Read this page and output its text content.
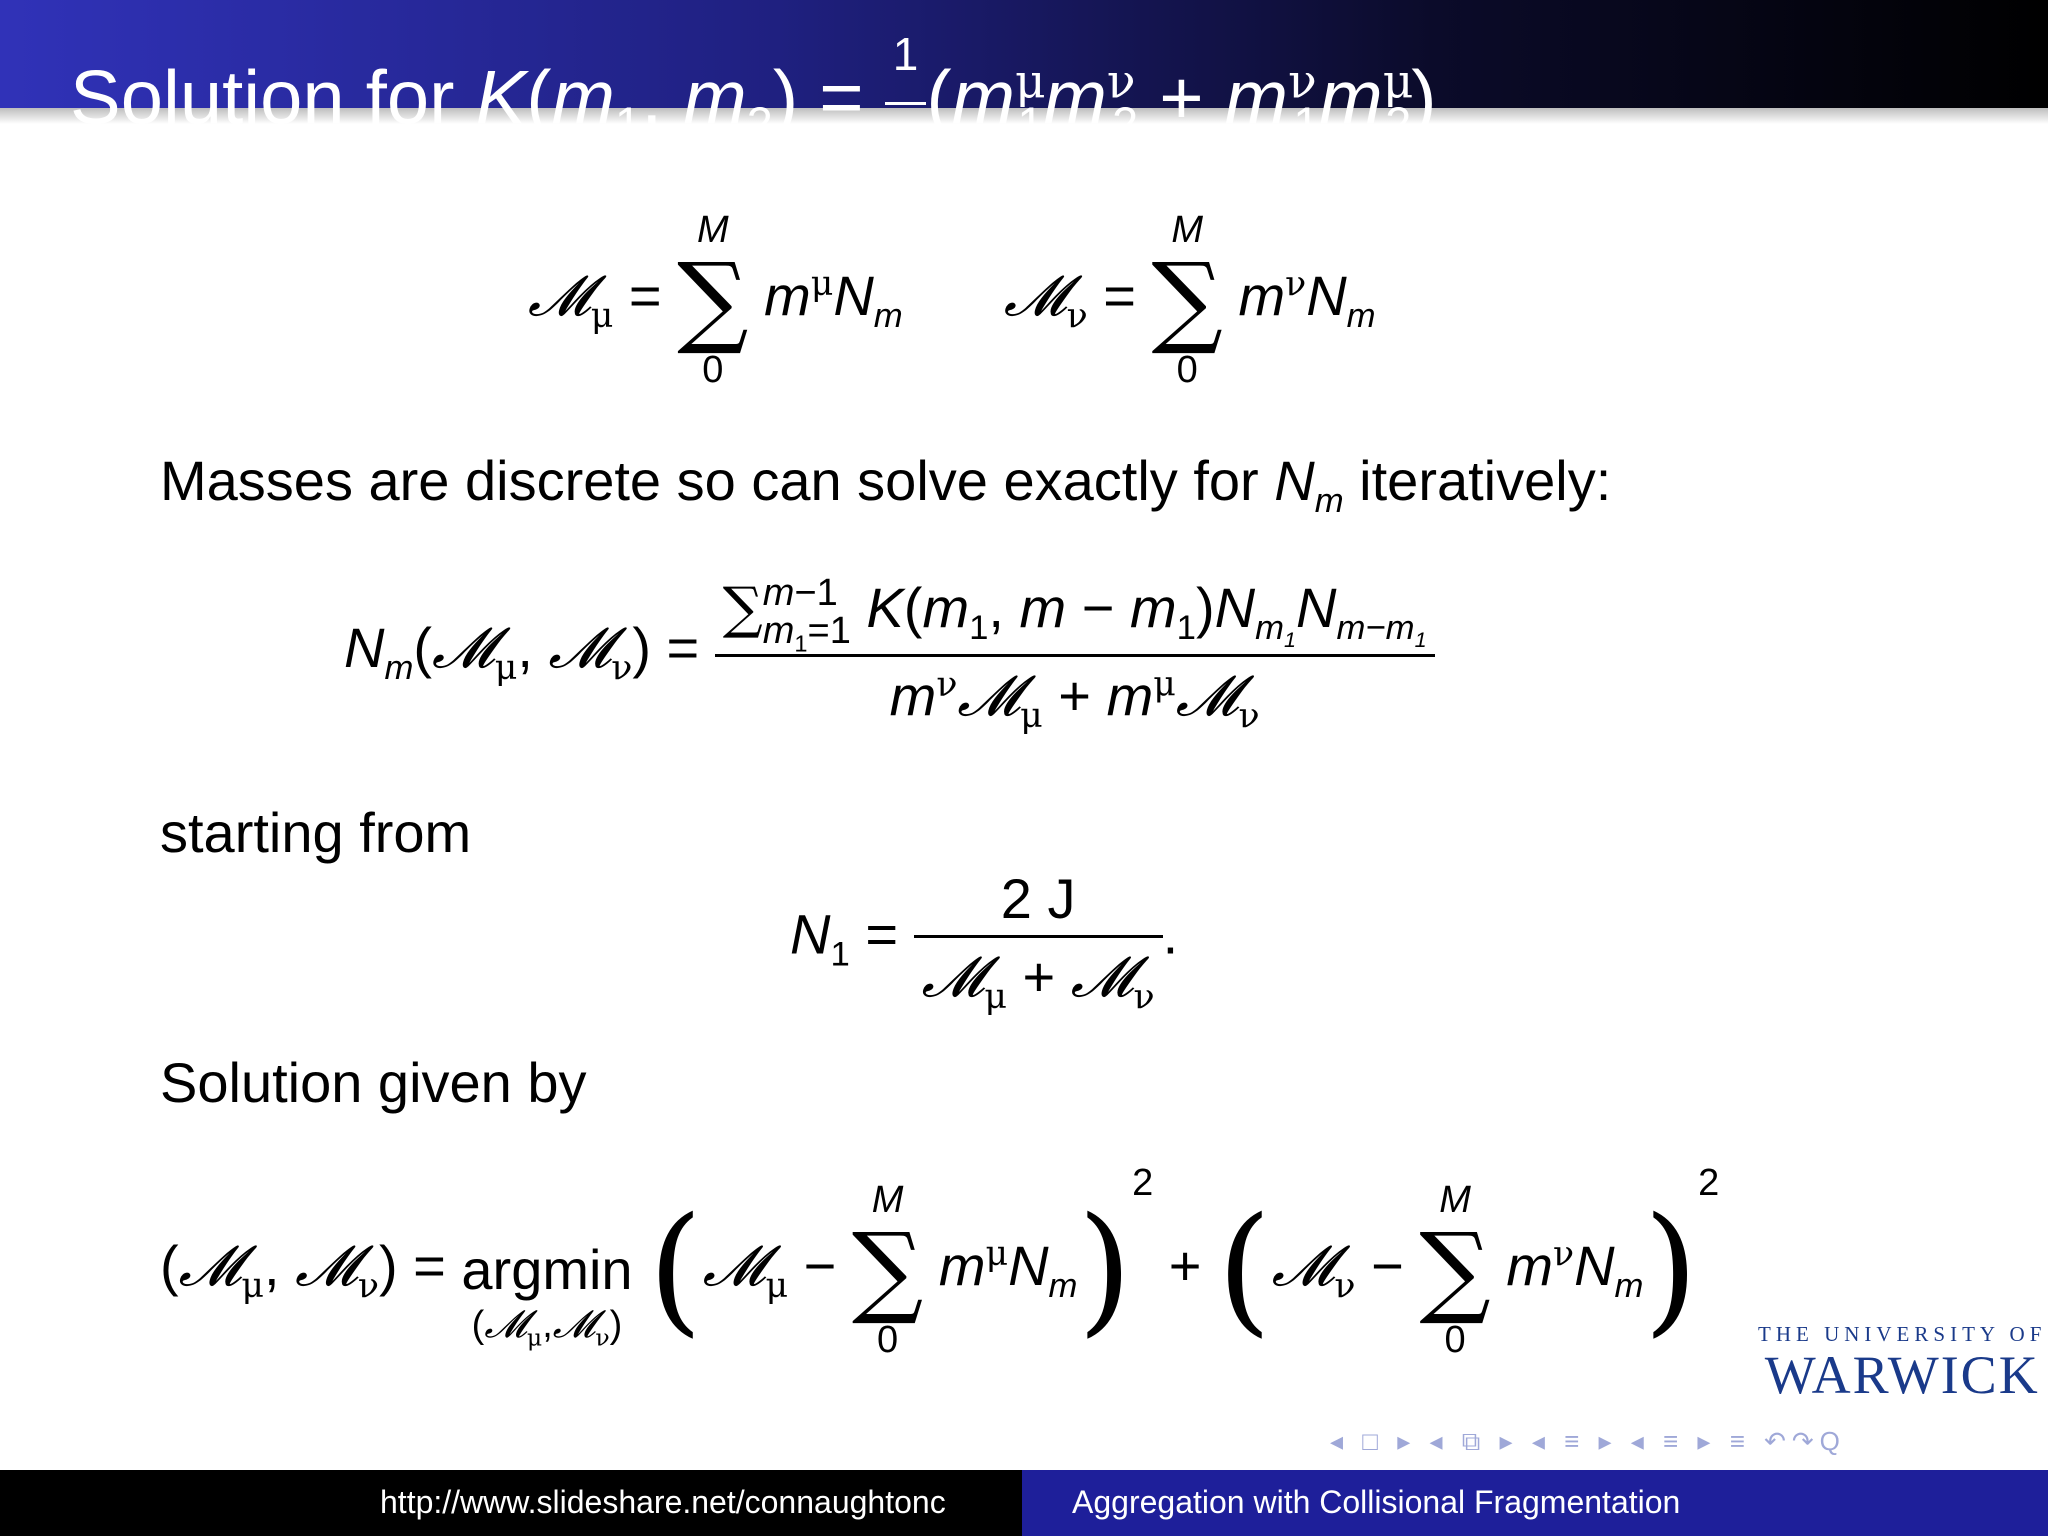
Solution for $K(m_1$, $m_2) = \frac{1}{2} (m^\mu_1m^\nu_2 + m^\nu_1m^\mu_2)$
𝓜$_\mu$ =
M
∑
0
$m^\mu N_m$ 𝓜$_\nu$ =
M
∑
0
$m^\nu N_m$
Masses are discrete so can solve exactly for $N_m$ iteratively:
$N_m(𝓜_\mu$, 𝓜$_\nu$) =
∑m−1
$m_1=1$ $K(m_1$, $m - m_1)N_{m_1}N_{m-m_1}$
$m^\nu 𝓜_\mu$ + $m^\mu 𝓜_\nu$
starting from
$N_1 = \frac{2 J}{𝓜_\mu + 𝓜_\nu}$ .
Solution given by
(𝓜$_\mu$, 𝓜$_\nu$) = argmin
(𝓜$_\mu$,𝓜$_\nu$) (𝓜$_\mu$ −
M
∑
0
$m^\mu N_m)^2$ + (𝓜$_\nu$ −
M
∑
0
$m^\nu N_m)^2$
THE UNIVERSITY OF
WARWICK
◂ □ ▸ ◂ ⧉ ▸ ◂ ≡ ▸ ◂ ≡ ▸ ≡ ↶↷Q
http://www.slideshare.net/connaughtonc	Aggregation with Collisional Fragmentation
